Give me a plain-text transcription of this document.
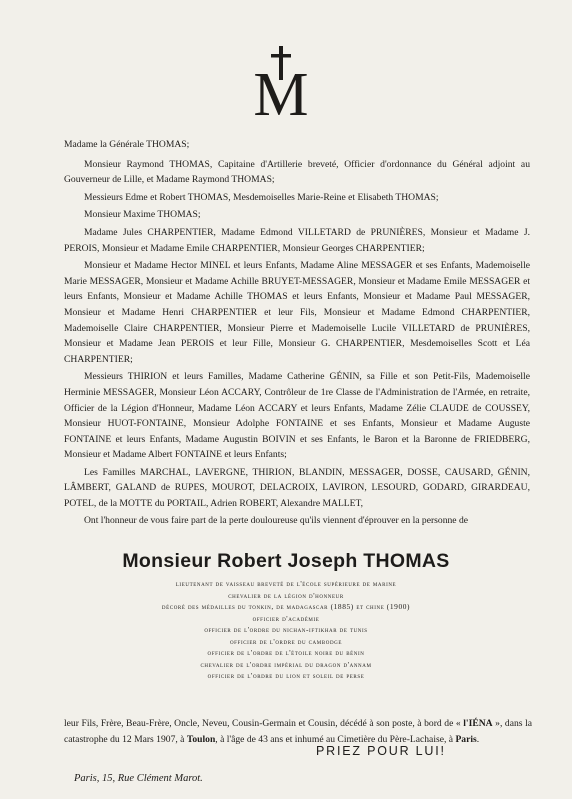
M

Madame la Générale THOMAS;

Monsieur Raymond THOMAS, Capitaine d'Artillerie breveté, Officier d'ordonnance du Général adjoint au Gouverneur de Lille, et Madame Raymond THOMAS;

Messieurs Edme et Robert THOMAS, Mesdemoiselles Marie-Reine et Elisabeth THOMAS;

Monsieur Maxime THOMAS;

Madame Jules CHARPENTIER, Madame Edmond VILLETARD de PRUNIÈRES, Monsieur et Madame J. PEROIS, Monsieur et Madame Emile CHARPENTIER, Monsieur Georges CHARPENTIER;

Monsieur et Madame Hector MINEL et leurs Enfants, Madame Aline MESSAGER et ses Enfants, Mademoiselle Marie MESSAGER, Monsieur et Madame Achille BRUYET-MESSAGER, Monsieur et Madame Emile MESSAGER et leurs Enfants, Monsieur et Madame Achille THOMAS et leurs Enfants, Monsieur et Madame Paul MESSAGER, Monsieur et Madame Henri CHARPENTIER et leur Fils, Monsieur et Madame Edmond CHARPENTIER, Mademoiselle Claire CHARPENTIER, Monsieur Pierre et Mademoiselle Lucile VILLETARD de PRUNIÈRES, Monsieur et Madame Jean PEROIS et leur Fille, Monsieur G. CHARPENTIER, Mesdemoiselles Scott et Léa CHARPENTIER;

Messieurs THIRION et leurs Familles, Madame Catherine GÉNIN, sa Fille et son Petit-Fils, Mademoiselle Herminie MESSAGER, Monsieur Léon ACCARY, Contrôleur de 1re Classe de l'Administration de l'Armée, en retraite, Officier de la Légion d'Honneur, Madame Léon ACCARY et leurs Enfants, Madame Zélie CLAUDE de COUSSEY, Monsieur HUOT-FONTAINE, Monsieur Adolphe FONTAINE et ses Enfants, Monsieur et Madame Auguste FONTAINE et leurs Enfants, Madame Augustin BOIVIN et ses Enfants, le Baron et la Baronne de FRIEDBERG, Monsieur et Madame Albert FONTAINE et leurs Enfants;

Les Familles MARCHAL, LAVERGNE, THIRION, BLANDIN, MESSAGER, DOSSE, CAUSARD, GÉNIN, LÂMBERT, GALAND de RUPES, MOUROT, DELACROIX, LAVIRON, LESOURD, GODARD, GIRARDEAU, POTEL, de la MOTTE du PORTAIL, Adrien ROBERT, Alexandre MALLET,

Ont l'honneur de vous faire part de la perte douloureuse qu'ils viennent d'éprouver en la personne de
Monsieur Robert Joseph THOMAS
lieutenant de vaisseau breveté de l'école supérieure de marine
chevalier de la légion d'honneur
décoré des médailles du tonkin, de madagascar (1885) et chine (1900)
officier d'académie
officier de l'ordre du nichan-iftikhar de tunis
officier de l'ordre du cambodge
officier de l'ordre de l'étoile noire du bénin
chevalier de l'ordre impérial du dragon d'annam
officier de l'ordre du lion et soleil de perse
leur Fils, Frère, Beau-Frère, Oncle, Neveu, Cousin-Germain et Cousin, décédé à son poste, à bord de « l'IÉNA », dans la catastrophe du 12 Mars 1907, à Toulon, à l'âge de 43 ans et inhumé au Cimetière du Père-Lachaise, à Paris.
PRIEZ POUR LUI!
Paris, 15, Rue Clément Marot.
